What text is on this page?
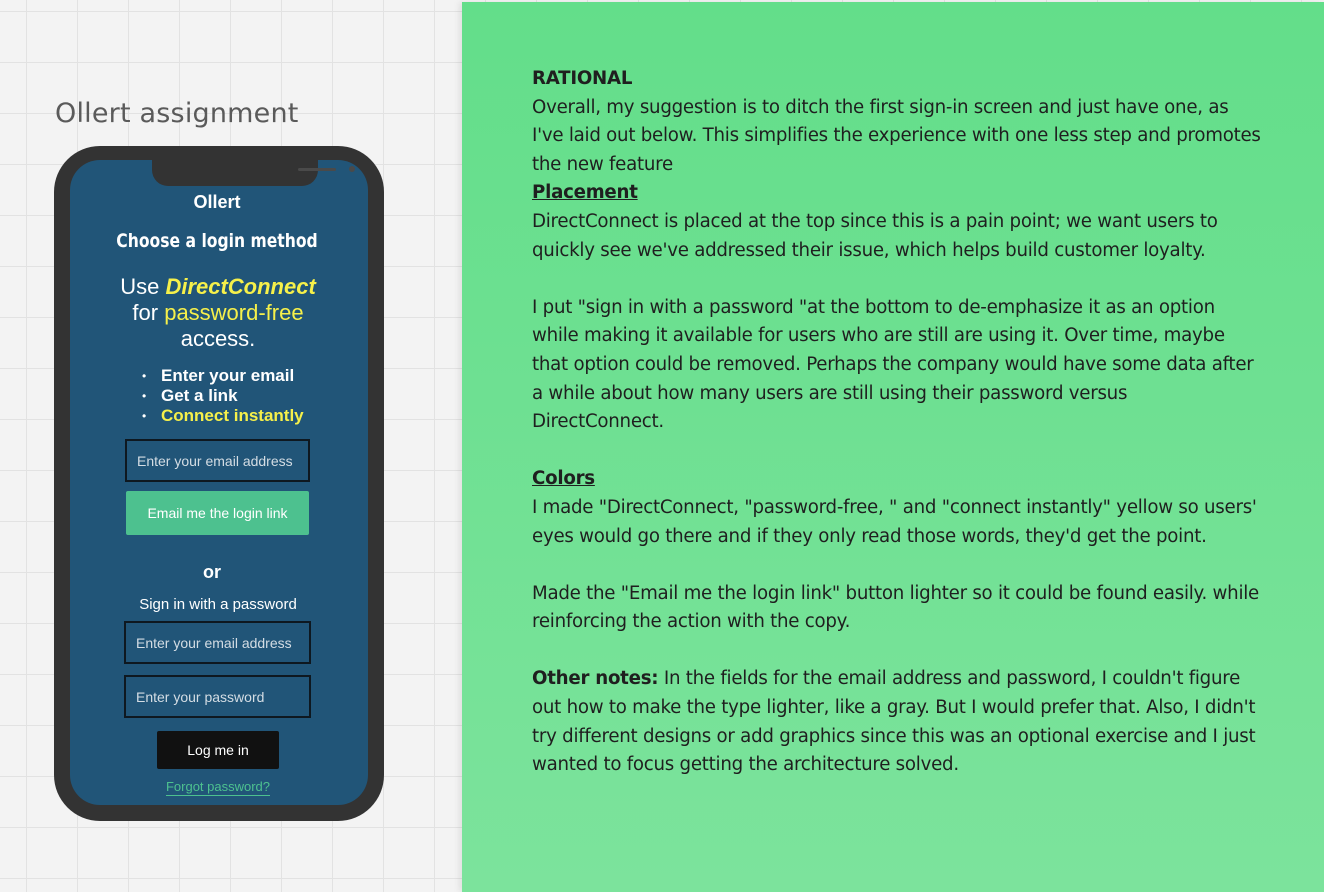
Ollert assignment
Ollert
Choose a login method
Use DirectConnect
for password-free
access.
• Enter your email
• Get a link
• Connect instantly
Enter your email address
Email me the login link
or
Sign in with a password
Enter your email address
Log me in
Forgot password?

RATIONAL

Overall, my suggestion is to ditch the first sign-in screen and just have one, as I've laid out below. This simplifies the experience with one less step and promotes the new feature

Placement

DirectConnect is placed at the top since this is a pain point; we want users to quickly see we've addressed their issue, which helps build customer loyalty.

I put "sign in with a password "at the bottom to de-emphasize it as an option while making it available for users who are still are using it. Over time, maybe that option could be removed. Perhaps the company would have some data after a while about how many users are still using their password versus DirectConnect.

Colors

I made "DirectConnect, "password-free, " and "connect instantly" yellow so users' eyes would go there and if they only read those words, they'd get the point.

Made the "Email me the login link" button lighter so it could be found easily. while reinforcing the action with the copy.

Other notes: In the fields for the email address and password, I couldn't figure out how to make the type lighter, like a gray. But I would prefer that. Also, I didn't try different designs or add graphics since this was an optional exercise and I just wanted to focus getting the architecture solved.
